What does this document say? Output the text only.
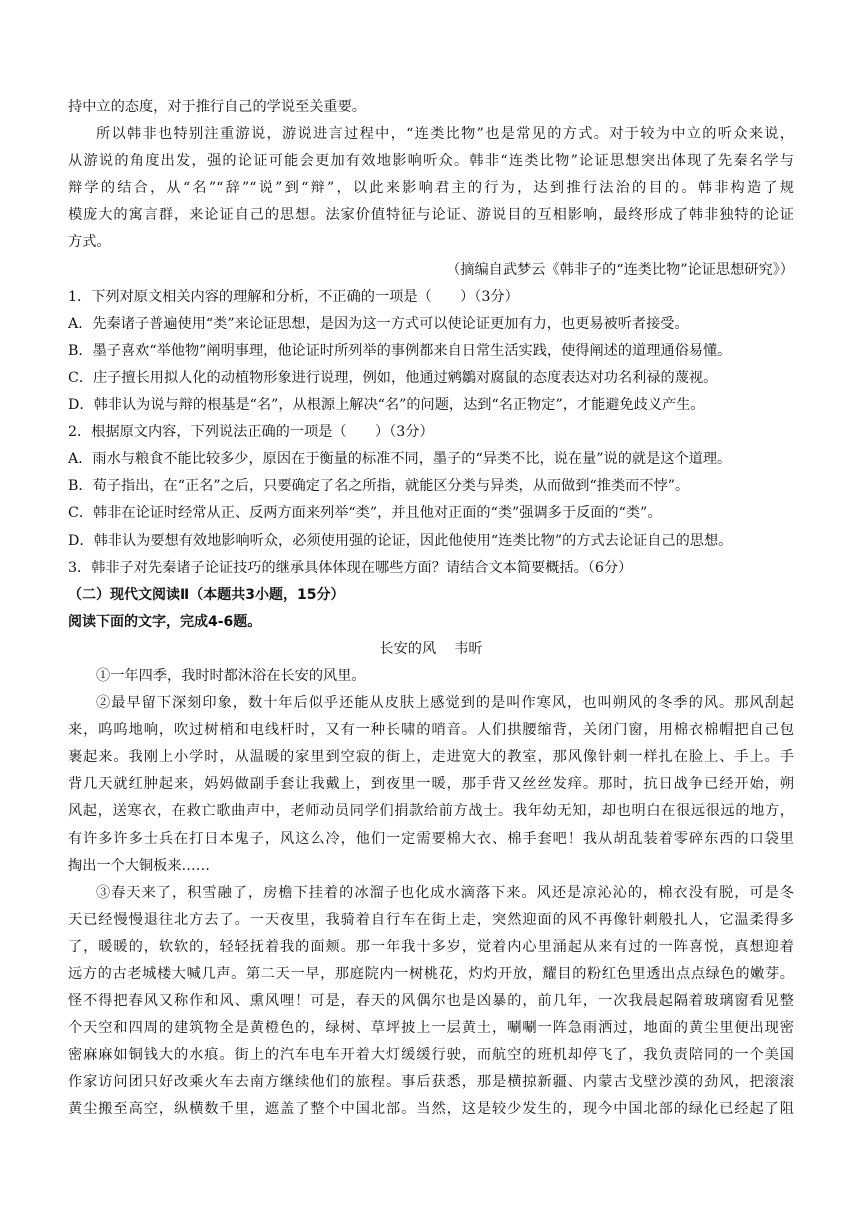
持中立的态度，对于推行自己的学说至关重要。

所以韩非也特别注重游说，游说进言过程中，“连类比物”也是常见的方式。对于较为中立的听众来说，

从游说的角度出发，强的论证可能会更加有效地影响听众。韩非“连类比物”论证思想突出体现了先秦名学与

辩学的结合，从“名”“辞”“说”到“辩”，以此来影响君主的行为，达到推行法治的目的。韩非构造了规

模庞大的寓言群，来论证自己的思想。法家价值特征与论证、游说目的互相影响，最终形成了韩非独特的论证

方式。

（摘编自武梦云《韩非子的“连类比物”论证思想研究》）

1．下列对原文相关内容的理解和分析，不正确的一项是（　　）（3分）

A．先秦诸子普遍使用“类”来论证思想，是因为这一方式可以使论证更加有力，也更易被听者接受。

B．墨子喜欢“举他物”阐明事理，他论证时所列举的事例都来自日常生活实践，使得阐述的道理通俗易懂。

C．庄子擅长用拟人化的动植物形象进行说理，例如，他通过鹓鶵对腐鼠的态度表达对功名利禄的蔑视。

D．韩非认为说与辩的根基是“名”，从根源上解决“名”的问题，达到“名正物定”，才能避免歧义产生。

2．根据原文内容，下列说法正确的一项是（　　）（3分）

A．雨水与粮食不能比较多少，原因在于衡量的标准不同，墨子的“异类不比，说在量”说的就是这个道理。

B．荀子指出，在“正名”之后，只要确定了名之所指，就能区分类与异类，从而做到“推类而不悖”。

C．韩非在论证时经常从正、反两方面来列举“类”，并且他对正面的“类”强调多于反面的“类”。

D．韩非认为要想有效地影响听众，必须使用强的论证，因此他使用“连类比物”的方式去论证自己的思想。

3．韩非子对先秦诸子论证技巧的继承具体体现在哪些方面？请结合文本简要概括。（6分）

（二）现代文阅读Ⅱ（本题共3小题，15分）

阅读下面的文字，完成4-6题。

长安的风 韦昕

①一年四季，我时时都沐浴在长安的风里。

②最早留下深刻印象，数十年后似乎还能从皮肤上感觉到的是叫作寒风，也叫朔风的冬季的风。那风刮起

来，呜呜地响，吹过树梢和电线杆时，又有一种长啸的哨音。人们拱腰缩背，关闭门窗，用棉衣棉帽把自己包

裹起来。我刚上小学时，从温暖的家里到空寂的街上，走进宽大的教室，那风像针刺一样扎在脸上、手上。手

背几天就红肿起来，妈妈做副手套让我戴上，到夜里一暖，那手背又丝丝发痒。那时，抗日战争已经开始，朔

风起，送寒衣，在救亡歌曲声中，老师动员同学们捐款给前方战士。我年幼无知，却也明白在很远很远的地方，

有许多许多士兵在打日本鬼子，风这么冷，他们一定需要棉大衣、棉手套吧！我从胡乱装着零碎东西的口袋里

掏出一个大铜板来……

③春天来了，积雪融了，房檐下挂着的冰溜子也化成水滴落下来。风还是凉沁沁的，棉衣没有脱，可是冬

天已经慢慢退往北方去了。一天夜里，我骑着自行车在街上走，突然迎面的风不再像针刺般扎人，它温柔得多

了，暖暖的，软软的，轻轻抚着我的面颊。那一年我十多岁，觉着内心里涌起从来有过的一阵喜悦，真想迎着

远方的古老城楼大喊几声。第二天一早，那庭院内一树桃花，灼灼开放，耀目的粉红色里透出点点绿色的嫩芽。

怪不得把春风又称作和风、熏风哩！可是，春天的风偶尔也是凶暴的，前几年，一次我晨起隔着玻璃窗看见整

个天空和四周的建筑物全是黄橙色的，绿树、草坪披上一层黄土，唰唰一阵急雨洒过，地面的黄尘里便出现密

密麻麻如铜钱大的水痕。街上的汽车电车开着大灯缓缓行驶，而航空的班机却停飞了，我负责陪同的一个美国

作家访问团只好改乘火车去南方继续他们的旅程。事后获悉，那是横掠新疆、内蒙古戈壁沙漠的劲风，把滚滚

黄尘搬至高空，纵横数千里，遮盖了整个中国北部。当然，这是较少发生的，现今中国北部的绿化已经起了阻
